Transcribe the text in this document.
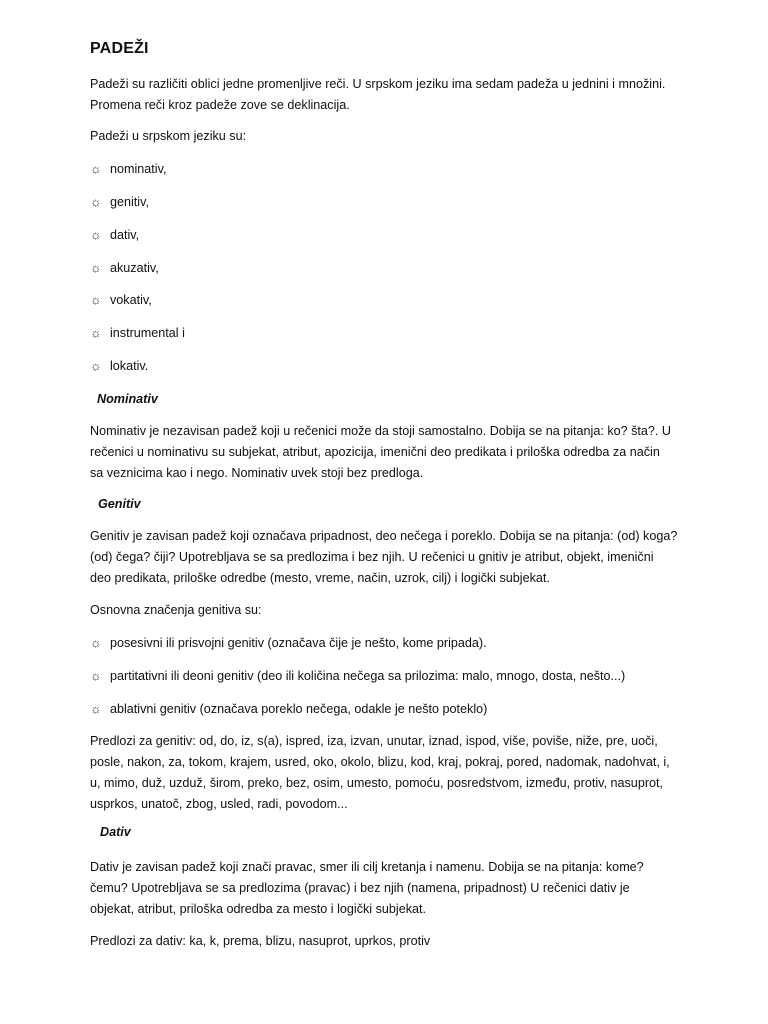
PADEŽI
Padeži su različiti oblici jedne promenljive reči. U srpskom jeziku ima sedam padeža u jednini i množini.
Promena reči kroz padeže zove se deklinacija.
Padeži u srpskom jeziku su:
☼ nominativ,
☼ genitiv,
☼ dativ,
☼ akuzativ,
☼ vokativ,
☼ instrumental i
☼ lokativ.
Nominativ
Nominativ je nezavisan padež koji u rečenici može da stoji samostalno. Dobija se na pitanja: ko? šta?. U
rečenici u nominativu su subjekat, atribut, apozicija, imenični deo predikata i priloška odredba za način
sa veznicima kao i nego. Nominativ uvek stoji bez predloga.
Genitiv
Genitiv je zavisan padež koji označava pripadnost, deo nečega i poreklo. Dobija se na pitanja: (od) koga?
(od) čega? čiji? Upotrebljava se sa predlozima i bez njih. U rečenici u gnitiv je atribut, objekt, imenični
deo predikata, priloške odredbe (mesto, vreme, način, uzrok, cilj) i logički subjekat.
Osnovna značenja genitiva su:
☼ posesivni ili prisvojni genitiv (označava čije je nešto, kome pripada).
☼ partitativni ili deoni genitiv (deo ili količina nečega sa prilozima: malo, mnogo, dosta, nešto...)
☼ ablativni genitiv (označava poreklo nečega, odakle je nešto poteklo)
Predlozi za genitiv: od, do, iz, s(a), ispred, iza, izvan, unutar, iznad, ispod, više, poviše, niže, pre, uoči,
posle, nakon, za, tokom, krajem, usred, oko, okolo, blizu, kod, kraj, pokraj, pored, nadomak, nadohvat, i,
u, mimo, duž, uzduž, širom, preko, bez, osim, umesto, pomoću, posredstvom, između, protiv, nasuprot,
usprkos, unatoč, zbog, usled, radi, povodom...
Dativ
Dativ je zavisan padež koji znači pravac, smer ili cilj kretanja i namenu. Dobija se na pitanja: kome?
čemu? Upotrebljava se sa predlozima (pravac) i bez njih (namena, pripadnost) U rečenici dativ je
objekat, atribut, priloška odredba za mesto i logički subjekat.
Predlozi za dativ: ka, k, prema, blizu, nasuprot, uprkos, protiv
